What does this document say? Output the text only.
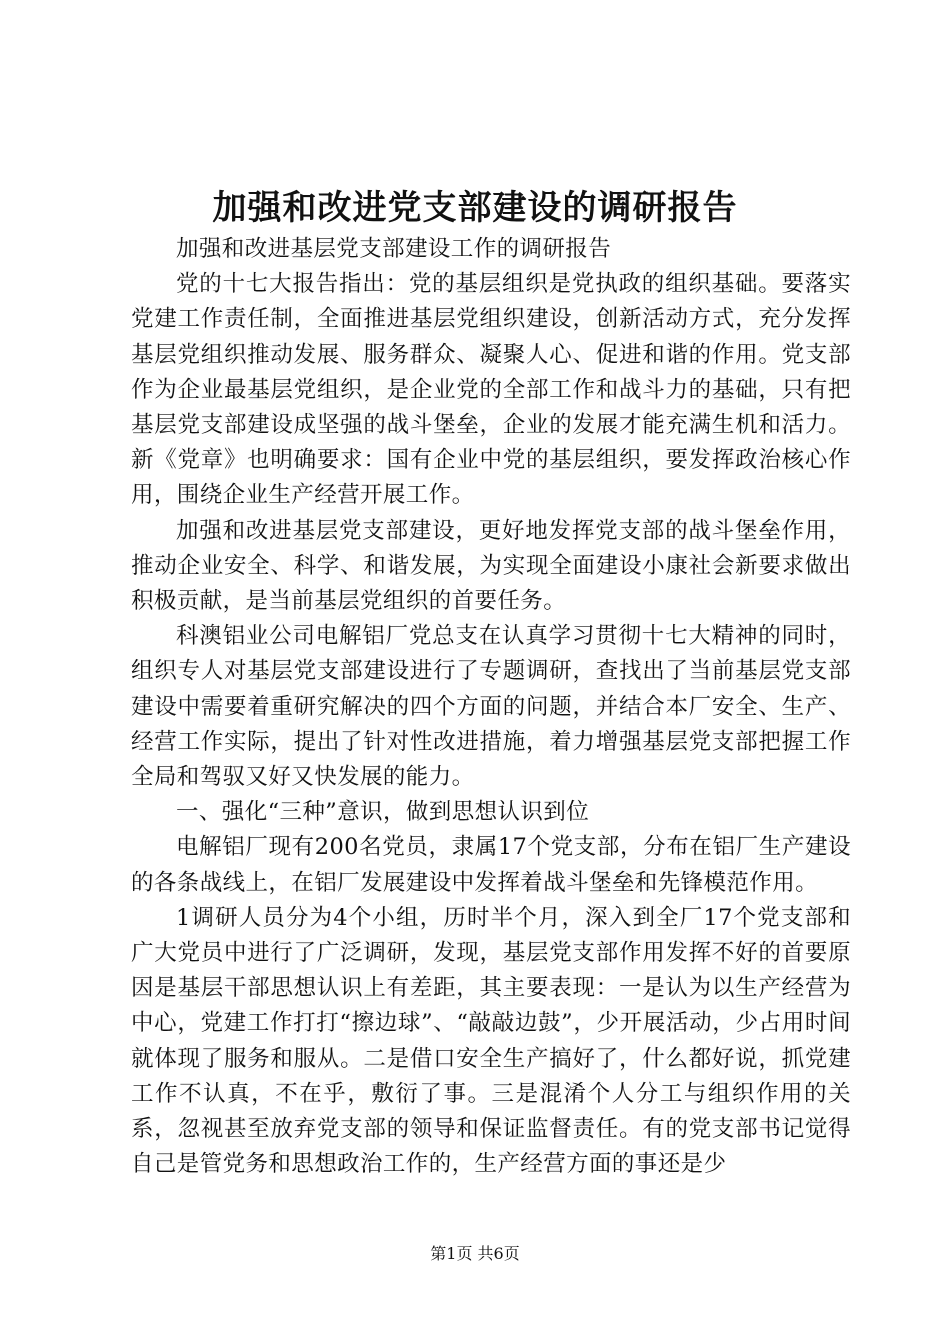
加强和改进党支部建设的调研报告

加强和改进基层党支部建设工作的调研报告

党的十七大报告指出：党的基层组织是党执政的组织基础。要落实党建工作责任制，全面推进基层党组织建设，创新活动方式，充分发挥基层党组织推动发展、服务群众、凝聚人心、促进和谐的作用。党支部作为企业最基层党组织，是企业党的全部工作和战斗力的基础，只有把基层党支部建设成坚强的战斗堡垒，企业的发展才能充满生机和活力。新《党章》也明确要求：国有企业中党的基层组织，要发挥政治核心作用，围绕企业生产经营开展工作。

加强和改进基层党支部建设，更好地发挥党支部的战斗堡垒作用，推动企业安全、科学、和谐发展，为实现全面建设小康社会新要求做出积极贡献，是当前基层党组织的首要任务。

科澳铝业公司电解铝厂党总支在认真学习贯彻十七大精神的同时，组织专人对基层党支部建设进行了专题调研，查找出了当前基层党支部建设中需要着重研究解决的四个方面的问题，并结合本厂安全、生产、经营工作实际，提出了针对性改进措施，着力增强基层党支部把握工作全局和驾驭又好又快发展的能力。

一、强化“三种”意识，做到思想认识到位

电解铝厂现有200名党员，隶属17个党支部，分布在铝厂生产建设的各条战线上，在铝厂发展建设中发挥着战斗堡垒和先锋模范作用。

1调研人员分为4个小组，历时半个月，深入到全厂17个党支部和广大党员中进行了广泛调研，发现，基层党支部作用发挥不好的首要原因是基层干部思想认识上有差距，其主要表现：一是认为以生产经营为中心，党建工作打打“擦边球”、“敲敲边鼓”，少开展活动，少占用时间就体现了服务和服从。二是借口安全生产搞好了，什么都好说，抓党建工作不认真，不在乎，敷衍了事。三是混淆个人分工与组织作用的关系，忽视甚至放弃党支部的领导和保证监督责任。有的党支部书记觉得自己是管党务和思想政治工作的，生产经营方面的事还是少

第1页 共6页
